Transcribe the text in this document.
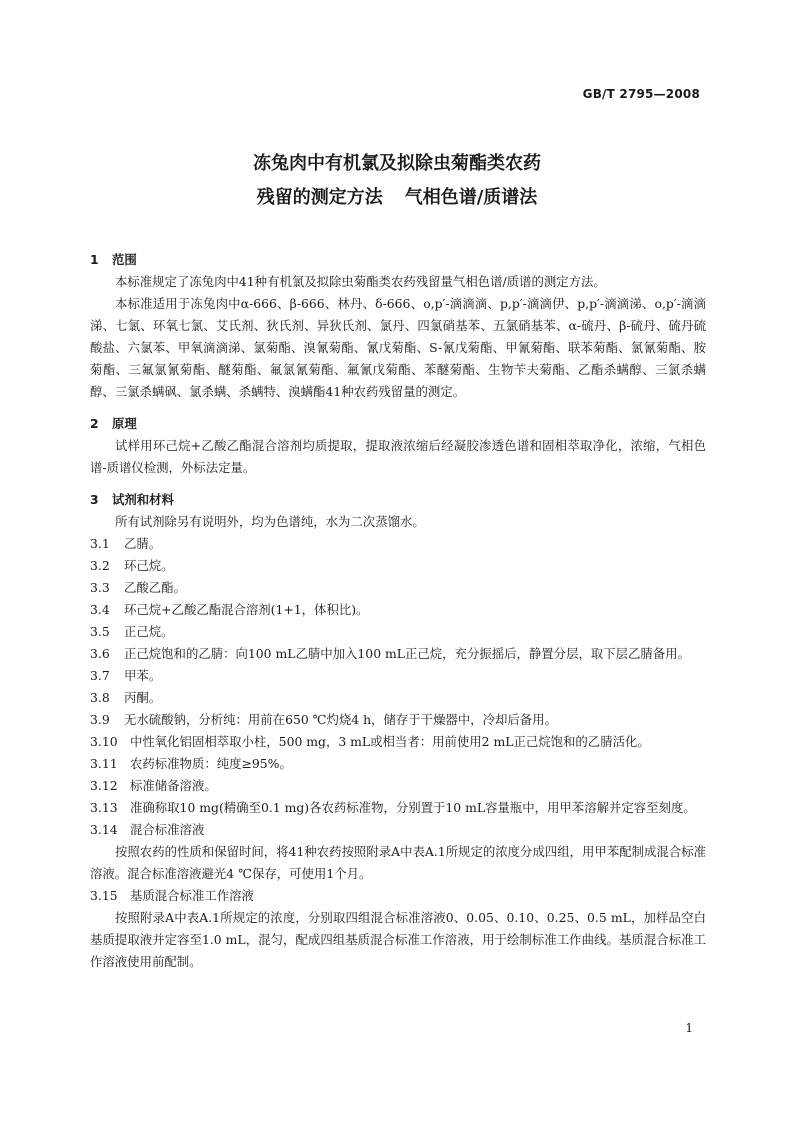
GB/T 2795—2008
冻兔肉中有机氯及拟除虫菊酯类农药
残留的测定方法 气相色谱/质谱法
1 范围

本标准规定了冻兔肉中41种有机氯及拟除虫菊酯类农药残留量气相色谱/质谱的测定方法。

本标准适用于冻兔肉中α-666、β-666、林丹、δ-666、o,p′-滴滴滴、p,p′-滴滴伊、p,p′-滴滴涕、o,p′-滴滴涕、七氯、环氧七氯、艾氏剂、狄氏剂、异狄氏剂、氯丹、四氯硝基苯、五氯硝基苯、α-硫丹、β-硫丹、硫丹硫酸盐、六氯苯、甲氧滴滴涕、氯菊酯、溴氰菊酯、氰戊菊酯、S-氰戊菊酯、甲氰菊酯、联苯菊酯、氯氰菊酯、胺菊酯、三氟氯氰菊酯、醚菊酯、氟氯氰菊酯、氟氰戊菊酯、苯醚菊酯、生物苄夫菊酯、乙酯杀螨醇、三氯杀螨醇、三氯杀螨砜、氯杀螨、杀螨特、溴螨酯41种农药残留量的测定。

2 原理

试样用环己烷+乙酸乙酯混合溶剂均质提取，提取液浓缩后经凝胶渗透色谱和固相萃取净化，浓缩，气相色谱-质谱仪检测，外标法定量。

3 试剂和材料

所有试剂除另有说明外，均为色谱纯，水为二次蒸馏水。

3.1 乙腈。

3.2 环己烷。

3.3 乙酸乙酯。

3.4 环己烷+乙酸乙酯混合溶剂(1+1，体积比)。

3.5 正己烷。

3.6 正己烷饱和的乙腈：向100 mL乙腈中加入100 mL正己烷，充分振摇后，静置分层，取下层乙腈备用。

3.7 甲苯。

3.8 丙酮。

3.9 无水硫酸钠，分析纯：用前在650 ℃灼烧4 h，储存于干燥器中，冷却后备用。

3.10 中性氧化铝固相萃取小柱，500 mg，3 mL或相当者：用前使用2 mL正己烷饱和的乙腈活化。

3.11 农药标准物质：纯度≥95%。

3.12 标准储备溶液。

3.13 准确称取10 mg(精确至0.1 mg)各农药标准物，分别置于10 mL容量瓶中，用甲苯溶解并定容至刻度。

3.14 混合标准溶液

按照农药的性质和保留时间，将41种农药按照附录A中表A.1所规定的浓度分成四组，用甲苯配制成混合标准溶液。混合标准溶液避光4 ℃保存，可使用1个月。

3.15 基质混合标准工作溶液

按照附录A中表A.1所规定的浓度，分别取四组混合标准溶液0、0.05、0.10、0.25、0.5 mL，加样品空白基质提取液并定容至1.0 mL，混匀，配成四组基质混合标准工作溶液，用于绘制标准工作曲线。基质混合标准工作溶液使用前配制。

1
